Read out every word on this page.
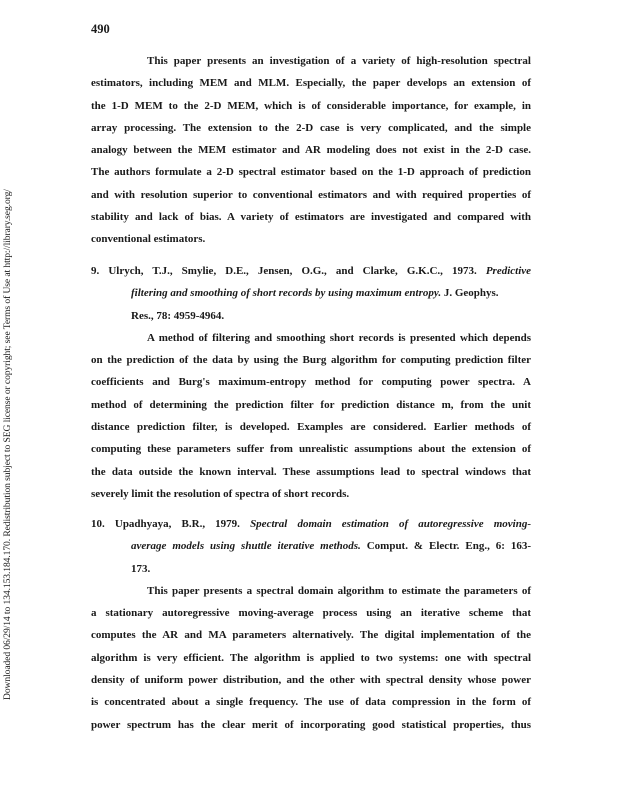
490
Downloaded 06/29/14 to 134.153.184.170. Redistribution subject to SEG license or copyright; see Terms of Use at http://library.seg.org/
This paper presents an investigation of a variety of high-resolution spectral
estimators, including MEM and MLM. Especially, the paper develops an extension of
the 1-D MEM to the 2-D MEM, which is of considerable importance, for example, in
array processing. The extension to the 2-D case is very complicated, and the simple
analogy between the MEM estimator and AR modeling does not exist in the 2-D case.
The authors formulate a 2-D spectral estimator based on the 1-D approach of prediction
and with resolution superior to conventional estimators and with required properties of
stability and lack of bias. A variety of estimators are investigated and compared with
conventional estimators.
9. Ulrych, T.J., Smylie, D.E., Jensen, O.G., and Clarke, G.K.C., 1973. Predictive
filtering and smoothing of short records by using maximum entropy. J. Geophys.
Res., 78: 4959-4964.
A method of filtering and smoothing short records is presented which depends
on the prediction of the data by using the Burg algorithm for computing prediction filter
coefficients and Burg's maximum-entropy method for computing power spectra. A
method of determining the prediction filter for prediction distance m, from the unit
distance prediction filter, is developed. Examples are considered. Earlier methods of
computing these parameters suffer from unrealistic assumptions about the extension of
the data outside the known interval. These assumptions lead to spectral windows that
severely limit the resolution of spectra of short records.
10. Upadhyaya, B.R., 1979. Spectral domain estimation of autoregressive moving-
average models using shuttle iterative methods. Comput. & Electr. Eng., 6: 163-
173.
This paper presents a spectral domain algorithm to estimate the parameters of
a stationary autoregressive moving-average process using an iterative scheme that
computes the AR and MA parameters alternatively. The digital implementation of the
algorithm is very efficient. The algorithm is applied to two systems: one with spectral
density of uniform power distribution, and the other with spectral density whose power
is concentrated about a single frequency. The use of data compression in the form of
power spectrum has the clear merit of incorporating good statistical properties, thus
